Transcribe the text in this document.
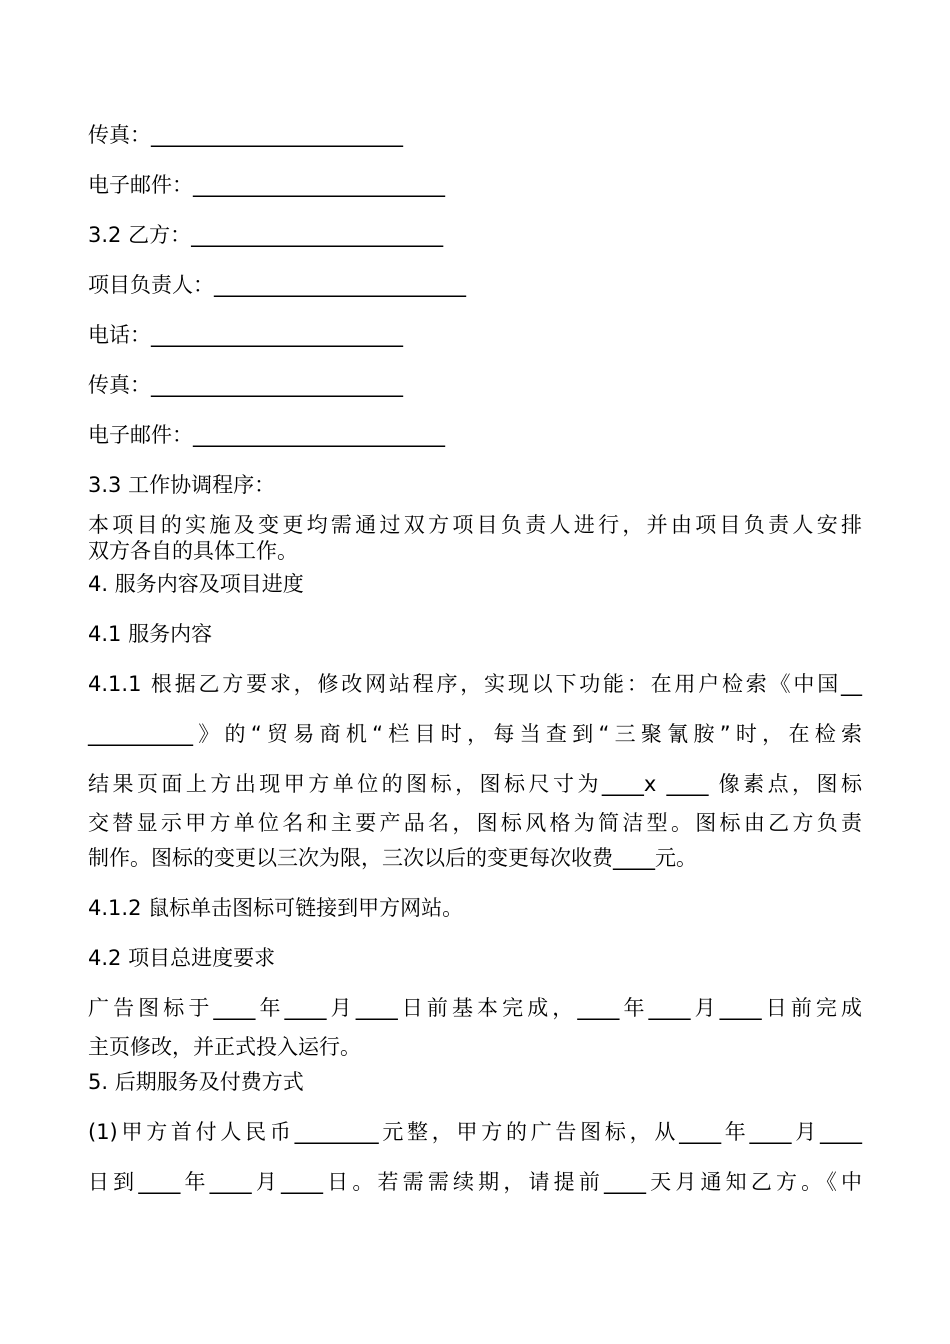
传真：________________________

电子邮件：________________________

3.2 乙方：________________________

项目负责人：________________________

电话：________________________

传真：________________________

电子邮件：________________________

3.3 工作协调程序：

本项目的实施及变更均需通过双方项目负责人进行，并由项目负责人安排

双方各自的具体工作。

4. 服务内容及项目进度

4.1 服务内容

4.1.1 根据乙方要求，修改网站程序，实现以下功能：在用户检索《中国__

__________》的“贸易商机“栏目时，每当查到“三聚氰胺”时，在检索

结果页面上方出现甲方单位的图标，图标尺寸为____x ____ 像素点，图标

交替显示甲方单位名和主要产品名，图标风格为简洁型。图标由乙方负责

制作。图标的变更以三次为限，三次以后的变更每次收费____元。

4.1.2 鼠标单击图标可链接到甲方网站。

4.2 项目总进度要求

广告图标于____年____月____日前基本完成，____年____月____日前完成

主页修改，并正式投入运行。

5. 后期服务及付费方式

(1)甲方首付人民币________元整，甲方的广告图标，从____年____月____

日到____年____月____日。若需需续期，请提前____天月通知乙方。《中
